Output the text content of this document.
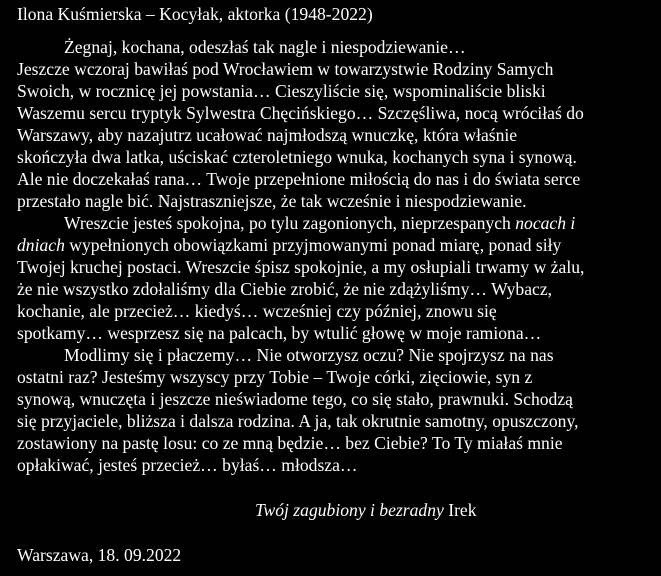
Ilona Kuśmierska – Kocyłak, aktorka (1948-2022)
Żegnaj, kochana, odeszłaś tak nagle i niespodziewanie…
Jeszcze wczoraj bawiłaś pod Wrocławiem w towarzystwie Rodziny Samych
Swoich, w rocznicę jej powstania… Cieszyliście się, wspominaliście bliski
Waszemu sercu tryptyk Sylwestra Chęcińskiego… Szczęśliwa, nocą wróciłaś do
Warszawy, aby nazajutrz ucałować najmłodszą wnuczkę, która właśnie
skończyła dwa latka, uściskać czteroletniego wnuka, kochanych syna i synową.
Ale nie doczekałaś rana… Twoje przepełnione miłością do nas i do świata serce
przestało nagle bić. Najstraszniejsze, że tak wcześnie i niespodziewanie.
Wreszcie jesteś spokojna, po tylu zagonionych, nieprzespanych nocach i
dniach wypełnionych obowiązkami przyjmowanymi ponad miarę, ponad siły
Twojej kruchej postaci. Wreszcie śpisz spokojnie, a my osłupiali trwamy w żalu,
że nie wszystko zdołaliśmy dla Ciebie zrobić, że nie zdążyliśmy… Wybacz,
kochanie, ale przecież… kiedyś… wcześniej czy później, znowu się
spotkamy… wesprzesz się na palcach, by wtulić głowę w moje ramiona…
Modlimy się i płaczemy… Nie otworzysz oczu? Nie spojrzysz na nas
ostatni raz? Jesteśmy wszyscy przy Tobie – Twoje córki, zięciowie, syn z
synową, wnuczęta i jeszcze nieświadome tego, co się stało, prawnuki. Schodzą
się przyjaciele, bliższa i dalsza rodzina. A ja, tak okrutnie samotny, opuszczony,
zostawiony na pastę losu: co ze mną będzie… bez Ciebie? To Ty miałaś mnie
opłakiwać, jesteś przecież… byłaś… młodsza…
Twój zagubiony i bezradny Irek
Warszawa, 18. 09.2022
